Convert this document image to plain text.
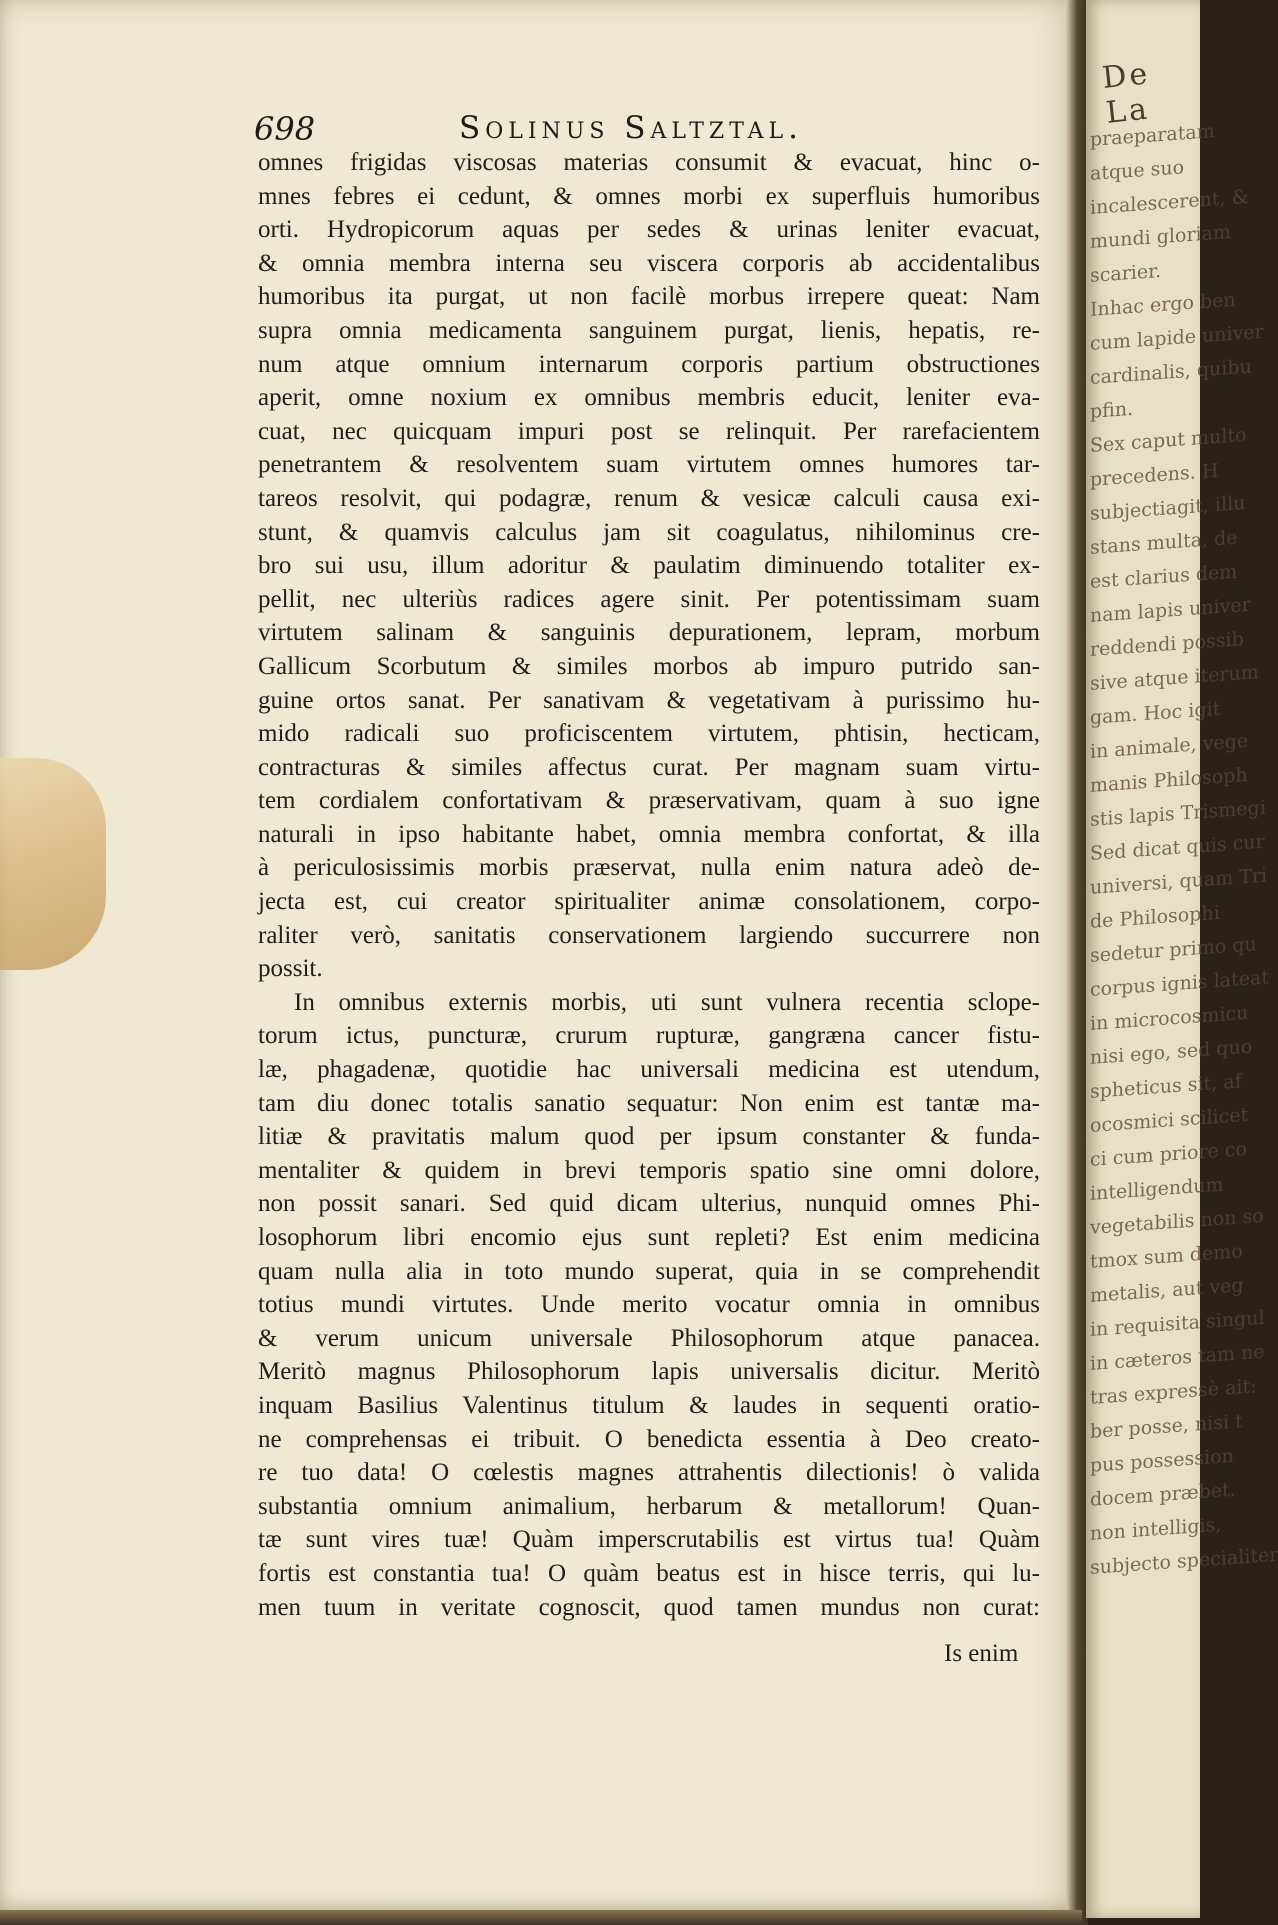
698	Solinus Saltztal.

omnes frigidas viscosas materias consumit & evacuat, hinc o-

mnes febres ei cedunt, & omnes morbi ex superfluis humoribus

orti. Hydropicorum aquas per sedes & urinas leniter evacuat,

& omnia membra interna seu viscera corporis ab accidentalibus

humoribus ita purgat, ut non facilè morbus irrepere queat: Nam

supra omnia medicamenta sanguinem purgat, lienis, hepatis, re-

num atque omnium internarum corporis partium obstructiones

aperit, omne noxium ex omnibus membris educit, leniter eva-

cuat, nec quicquam impuri post se relinquit. Per rarefacientem

penetrantem & resolventem suam virtutem omnes humores tar-

tareos resolvit, qui podagræ, renum & vesicæ calculi causa exi-

stunt, & quamvis calculus jam sit coagulatus, nihilominus cre-

bro sui usu, illum adoritur & paulatim diminuendo totaliter ex-

pellit, nec ulteriùs radices agere sinit. Per potentissimam suam

virtutem salinam & sanguinis depurationem, lepram, morbum

Gallicum Scorbutum & similes morbos ab impuro putrido san-

guine ortos sanat. Per sanativam & vegetativam à purissimo hu-

mido radicali suo proficiscentem virtutem, phtisin, hecticam,

contracturas & similes affectus curat. Per magnam suam virtu-

tem cordialem confortativam & præservativam, quam à suo igne

naturali in ipso habitante habet, omnia membra confortat, & illa

à periculosissimis morbis præservat, nulla enim natura adeò de-

jecta est, cui creator spiritualiter animæ consolationem, corpo-

raliter verò, sanitatis conservationem largiendo succurrere non

possit.

In omnibus externis morbis, uti sunt vulnera recentia sclope-

torum ictus, puncturæ, crurum rupturæ, gangræna cancer fistu-

læ, phagadenæ, quotidie hac universali medicina est utendum,

tam diu donec totalis sanatio sequatur: Non enim est tantæ ma-

litiæ & pravitatis malum quod per ipsum constanter & funda-

mentaliter & quidem in brevi temporis spatio sine omni dolore,

non possit sanari. Sed quid dicam ulterius, nunquid omnes Phi-

losophorum libri encomio ejus sunt repleti? Est enim medicina

quam nulla alia in toto mundo superat, quia in se comprehendit

totius mundi virtutes. Unde merito vocatur omnia in omnibus

& verum unicum universale Philosophorum atque panacea.

Meritò magnus Philosophorum lapis universalis dicitur. Meritò

inquam Basilius Valentinus titulum & laudes in sequenti oratio-

ne comprehensas ei tribuit. O benedicta essentia à Deo creato-

re tuo data! O cœlestis magnes attrahentis dilectionis! ò valida

substantia omnium animalium, herbarum & metallorum! Quan-

tæ sunt vires tuæ! Quàm imperscrutabilis est virtus tua! Quàm

fortis est constantia tua! O quàm beatus est in hisce terris, qui lu-

men tuum in veritate cognoscit, quod tamen mundus non curat:

Is enim

De La

praeparatam
atque suo
incalescerent, &
mundi gloriam
scarier.
Inhac ergo ben
cum lapide univer
cardinalis, quibu
pfin.
Sex caput multo
precedens. H
subjectiagit, illu
stans multa, de
est clarius dem
nam lapis univer
reddendi possib
sive atque iterum
gam. Hoc igit
in animale, vege
manis Philosoph
stis lapis Trismegi
Sed dicat quis cur
universi, quam Tri
de Philosophi
sedetur primo qu
corpus ignis lateat
in microcosmicu
nisi ego, sed quo
spheticus sit, af
ocosmici scilicet
ci cum priore co
intelligendum
vegetabilis non so
tmox sum demo
metalis, aut veg
in requisita singul
in cæteros tam ne
tras expressè ait:
ber posse, nisi t
pus possession
docem præbet.
non intelligis,
subjecto specialiter
